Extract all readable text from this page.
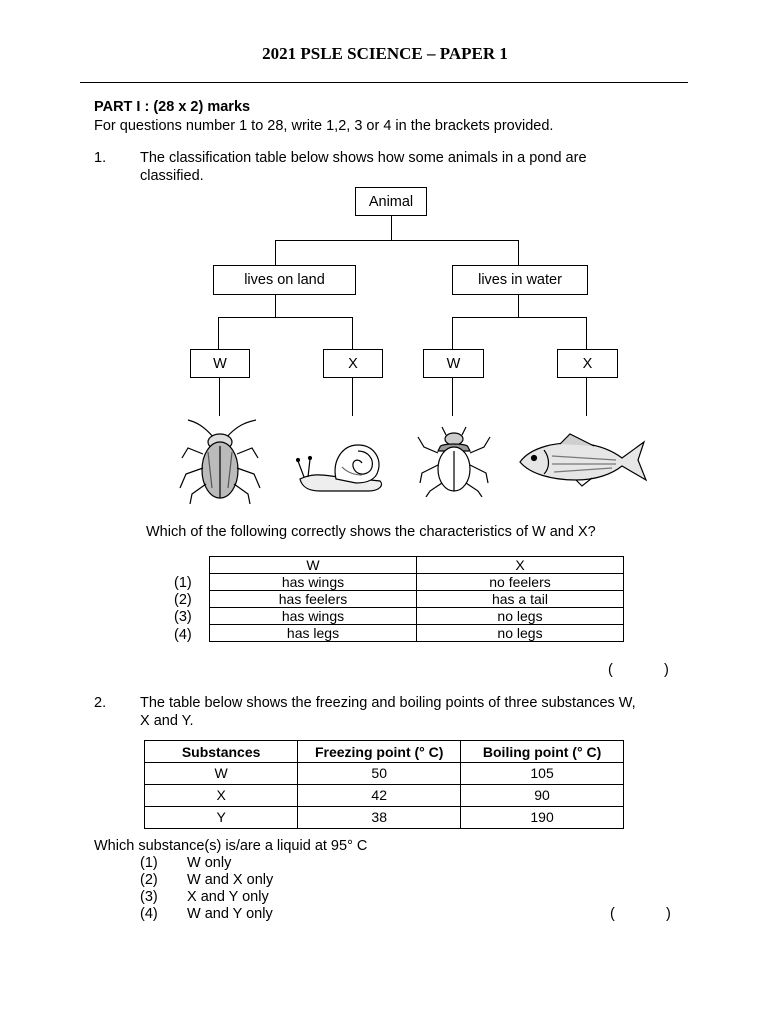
2021 PSLE SCIENCE – PAPER 1
PART I : (28 x 2) marks
For questions number 1 to 28, write 1,2, 3 or 4 in the brackets provided.
1. The classification table below shows how some animals in a pond are
classified.
Animal
lives on land	lives in water
W	X	W	X
Which of the following correctly shows the characteristics of W and X?
(1)
(2)
(3)
(4)
W	X
has wings	no feelers
has feelers	has a tail
has wings	no legs
has legs	no legs
(	)
2. The table below shows the freezing and boiling points of three substances W,
X and Y.
Substances	Freezing point (° C)	Boiling point (° C)
W	50	105
X	42	90
Y	38	190
Which substance(s) is/are a liquid at 95° C
(1) W only
(2) W and X only
(3) X and Y only
(4) W and Y only	(	)
